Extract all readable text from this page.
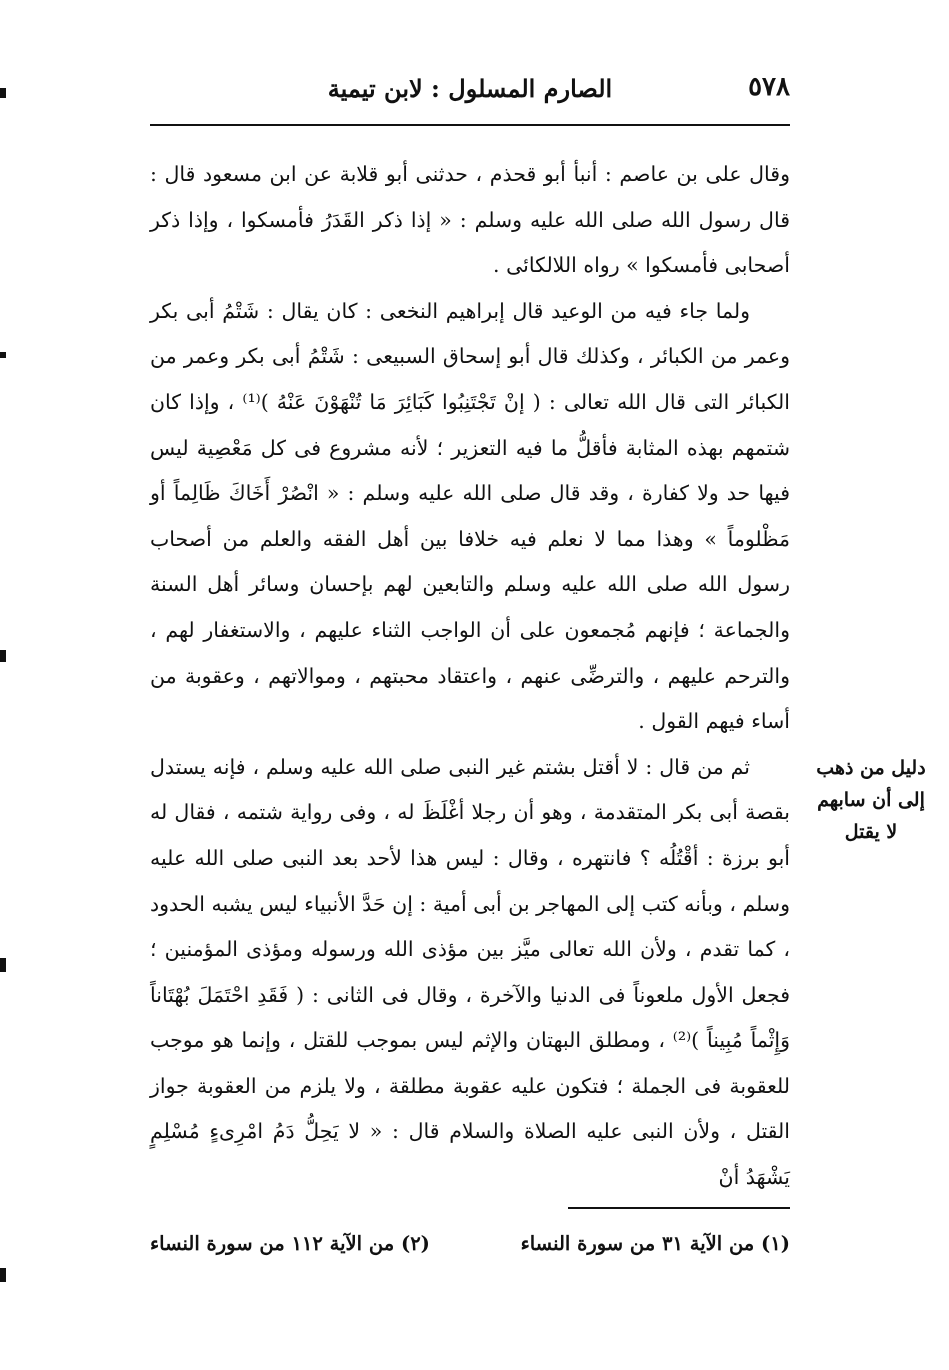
٥٧٨
الصارم المسلول : لابن تيمية

وقال على بن عاصم : أنبأ أبو قحذم ، حدثنى أبو قلابة عن ابن مسعود قال : قال رسول الله صلى الله عليه وسلم : « إذا ذكر القَدَرُ فأمسكوا ، وإذا ذكر أصحابى فأمسكوا » رواه اللالكائى .

ولما جاء فيه من الوعيد قال إبراهيم النخعى : كان يقال : شَتْمُ أبى بكر وعمر من الكبائر ، وكذلك قال أبو إسحاق السبيعى : شَتْمُ أبى بكر وعمر من الكبائر التى قال الله تعالى : ( إنْ تَجْتَنِبُوا كَبَائِرَ مَا تُنْهَوْنَ عَنْهُ )⁽¹⁾ ، وإذا كان شتمهم بهذه المثابة فأقلُّ ما فيه التعزير ؛ لأنه مشروع فى كل مَعْصِية ليس فيها حد ولا كفارة ، وقد قال صلى الله عليه وسلم : « انْصُرْ أَخَاكَ ظَالِماً أو مَظْلوماً » وهذا مما لا نعلم فيه خلافا بين أهل الفقه والعلم من أصحاب رسول الله صلى الله عليه وسلم والتابعين لهم بإحسان وسائر أهل السنة والجماعة ؛ فإنهم مُجمعون على أن الواجب الثناء عليهم ، والاستغفار لهم ، والترحم عليهم ، والترضِّى عنهم ، واعتقاد محبتهم ، وموالاتهم ، وعقوبة من أساء فيهم القول .

ثم من قال : لا أقتل بشتم غير النبى صلى الله عليه وسلم ، فإنه يستدل بقصة أبى بكر المتقدمة ، وهو أن رجلا أغْلَظَ له ، وفى رواية شتمه ، فقال له أبو برزة : أقْتُلُه ؟ فانتهره ، وقال : ليس هذا لأحد بعد النبى صلى الله عليه وسلم ، وبأنه كتب إلى المهاجر بن أبى أمية : إن حَدَّ الأنبياء ليس يشبه الحدود ، كما تقدم ، ولأن الله تعالى ميَّز بين مؤذى الله ورسوله ومؤذى المؤمنين ؛ فجعل الأول ملعوناً فى الدنيا والآخرة ، وقال فى الثانى : ( فَقَدِ احْتَمَلَ بُهْتَاناً وَإِثْماً مُبِيناً )⁽²⁾ ، ومطلق البهتان والإثم ليس بموجب للقتل ، وإنما هو موجب للعقوبة فى الجملة ؛ فتكون عليه عقوبة مطلقة ، ولا يلزم من العقوبة جواز القتل ، ولأن النبى عليه الصلاة والسلام قال : « لا يَحِلُّ دَمُ امْرِىءٍ مُسْلِمٍ يَشْهَدُ أنْ

دليل من ذهب
إلى أن سابهم
لا يقتل
(١) من الآية ٣١ من سورة النساء
(٢) من الآية ١١٢ من سورة النساء
